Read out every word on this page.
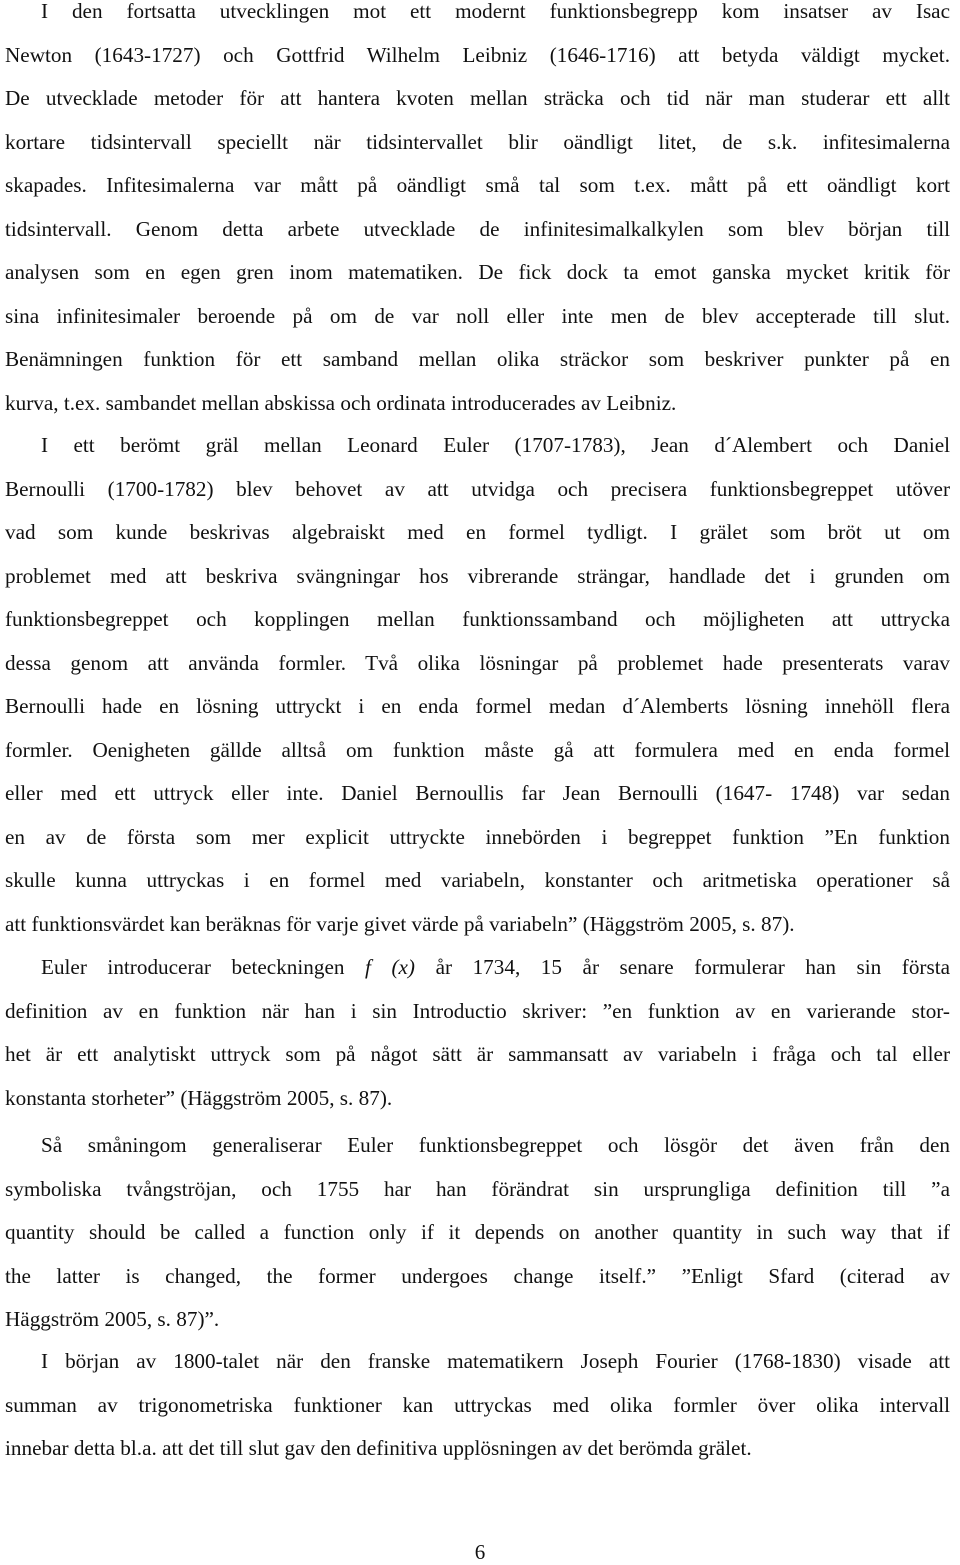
I den fortsatta utvecklingen mot ett modernt funktionsbegrepp kom insatser av Isac
Newton (1643-1727) och Gottfrid Wilhelm Leibniz (1646-1716) att betyda väldigt mycket.
De utvecklade metoder för att hantera kvoten mellan sträcka och tid när man studerar ett allt
kortare tidsintervall speciellt när tidsintervallet blir oändligt litet, de s.k. infitesimalerna
skapades. Infitesimalerna var mått på oändligt små tal som t.ex. mått på ett oändligt kort
tidsintervall. Genom detta arbete utvecklade de infinitesimalkalkylen som blev början till
analysen som en egen gren inom matematiken. De fick dock ta emot ganska mycket kritik för
sina infinitesimaler beroende på om de var noll eller inte men de blev accepterade till slut.
Benämningen funktion för ett samband mellan olika sträckor som beskriver punkter på en
kurva, t.ex. sambandet mellan abskissa och ordinata introducerades av Leibniz.
I ett berömt gräl mellan Leonard Euler (1707-1783), Jean d´Alembert och Daniel
Bernoulli (1700-1782) blev behovet av att utvidga och precisera funktionsbegreppet utöver
vad som kunde beskrivas algebraiskt med en formel tydligt. I grälet som bröt ut om
problemet med att beskriva svängningar hos vibrerande strängar, handlade det i grunden om
funktionsbegreppet och kopplingen mellan funktionssamband och möjligheten att uttrycka
dessa genom att använda formler. Två olika lösningar på problemet hade presenterats varav
Bernoulli hade en lösning uttryckt i en enda formel medan d´Alemberts lösning innehöll flera
formler. Oenigheten gällde alltså om funktion måste gå att formulera med en enda formel
eller med ett uttryck eller inte. Daniel Bernoullis far Jean Bernoulli (1647- 1748) var sedan
en av de första som mer explicit uttryckte innebörden i begreppet funktion ”En funktion
skulle kunna uttryckas i en formel med variabeln, konstanter och aritmetiska operationer så
att funktionsvärdet kan beräknas för varje givet värde på variabeln” (Häggström 2005, s. 87).
Euler introducerar beteckningen f (x) år 1734, 15 år senare formulerar han sin första
definition av en funktion när han i sin Introductio skriver: ”en funktion av en varierande stor-
het är ett analytiskt uttryck som på något sätt är sammansatt av variabeln i fråga och tal eller
konstanta storheter” (Häggström 2005, s. 87).
Så småningom generaliserar Euler funktionsbegreppet och lösgör det även från den
symboliska tvångströjan, och 1755 har han förändrat sin ursprungliga definition till ”a
quantity should be called a function only if it depends on another quantity in such way that if
the latter is changed, the former undergoes change itself.” ”Enligt Sfard (citerad av
Häggström 2005, s. 87)”.
I början av 1800-talet när den franske matematikern Joseph Fourier (1768-1830) visade att
summan av trigonometriska funktioner kan uttryckas med olika formler över olika intervall
innebar detta bl.a. att det till slut gav den definitiva upplösningen av det berömda grälet.
6
